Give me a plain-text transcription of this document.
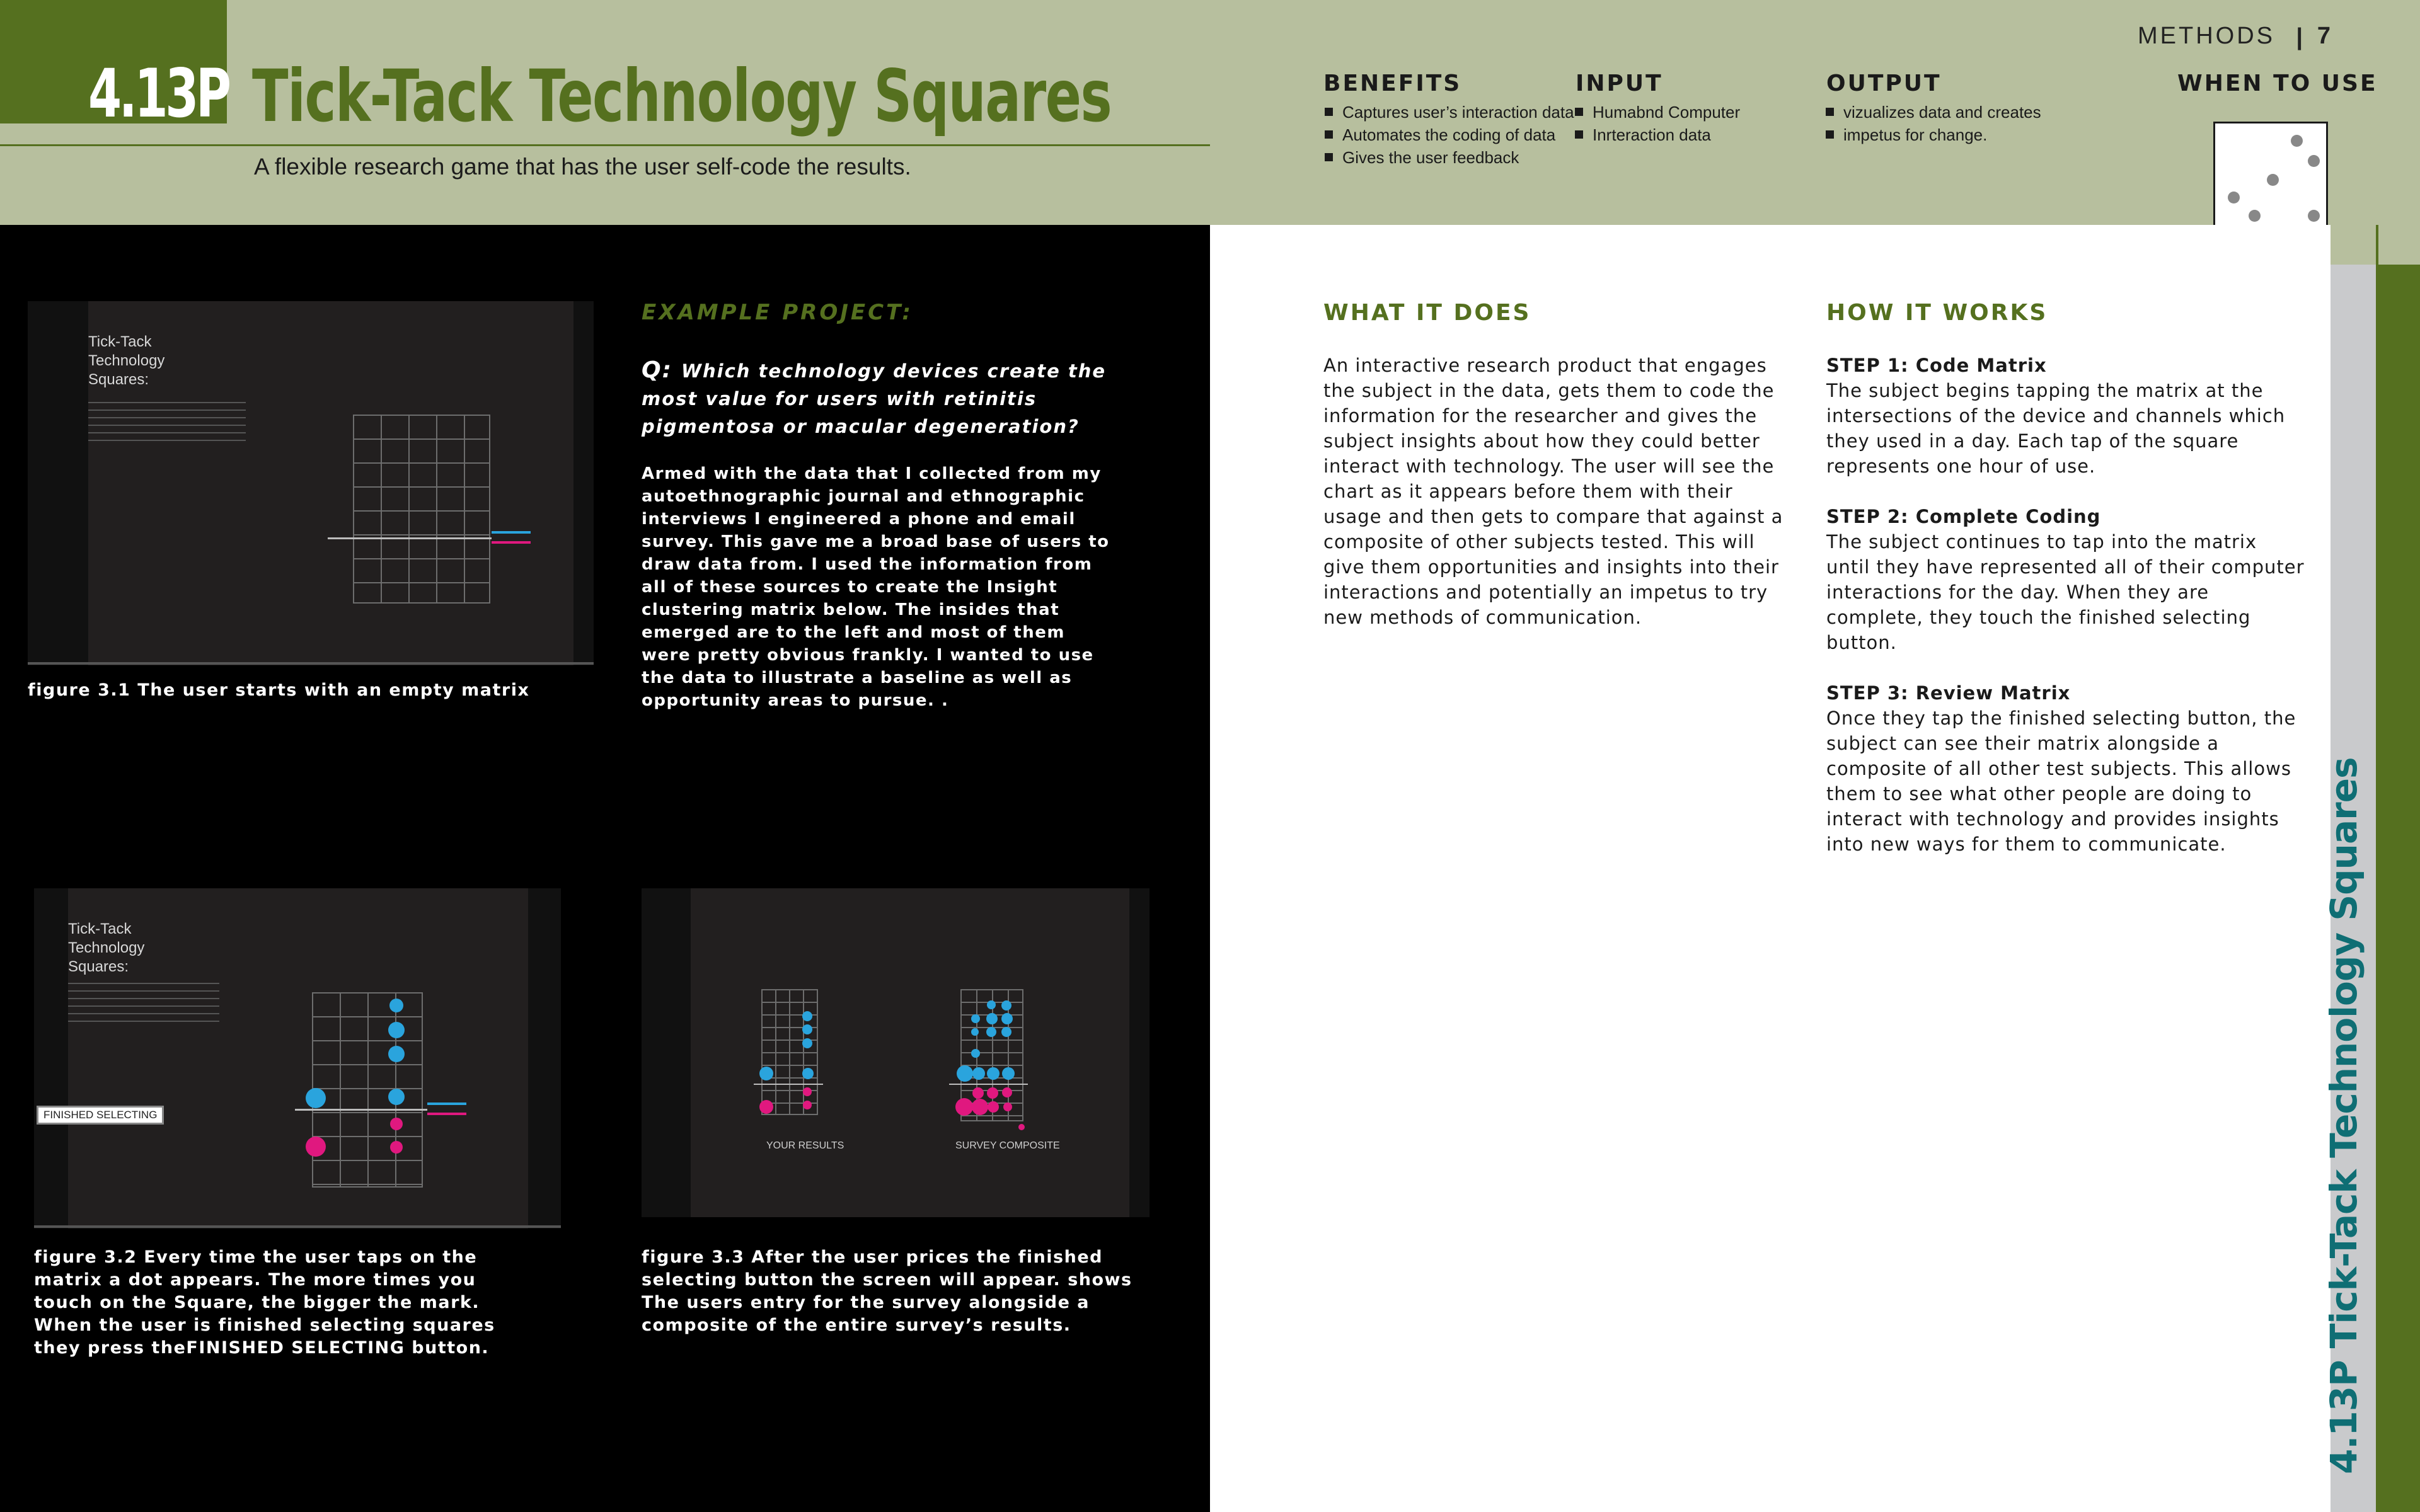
4.13P Tick-Tack Technology Squares
A flexible research game that has the user self-code the results.
METHODS | 7
BENEFITS
Captures user’s interaction data
Automates the coding of data
Gives the user feedback
INPUT
Humabnd Computer
Inrteraction data
OUTPUT
vizualizes data and creates
impetus for change.
WHEN TO USE
4.13P Tick-Tack Technology Squares
WHAT IT DOES

An interactive research product that engages the subject in the data, gets them to code the information for the researcher and gives the subject insights about how they could better interact with technology. The user will see the chart as it appears before them with their usage and then gets to compare that against a composite of other subjects tested. This will give them opportunities and insights into their interactions and potentially an impetus to try new methods of communication.

HOW IT WORKS
STEP 1: Code Matrix
The subject begins tapping the matrix at the intersections of the device and channels which they used in a day. Each tap of the square represents one hour of use.
STEP 2: Complete Coding
The subject continues to tap into the matrix until they have represented all of their computer interactions for the day. When they are complete, they touch the finished selecting button.
STEP 3: Review Matrix
Once they tap the finished selecting button, the subject can see their matrix alongside a composite of all other test subjects. This allows them to see what other people are doing to interact with technology and provides insights into new ways for them to communicate.
EXAMPLE PROJECT:

Q: Which technology devices create the most value for users with retinitis pigmentosa or macular degeneration?

Armed with the data that I collected from my autoethnographic journal and ethnographic interviews I engineered a phone and email survey. This gave me a broad base of users to draw data from. I used the information from all of these sources to create the Insight clustering matrix below. The insides that emerged are to the left and most of them were pretty obvious frankly. I wanted to use the data to illustrate a baseline as well as opportunity areas to pursue. .

Tick-Tack Technology Squares:

figure 3.1 The user starts with an empty matrix

Tick-Tack Technology Squares:
FINISHED SELECTING

figure 3.2 Every time the user taps on the matrix a dot appears. The more times you touch on the Square, the bigger the mark. When the user is finished selecting squares they press theFINISHED SELECTING button.

YOUR RESULTS	SURVEY COMPOSITE

figure 3.3 After the user prices the finished selecting button the screen will appear. shows The users entry for the survey alongside a composite of the entire survey’s results.
